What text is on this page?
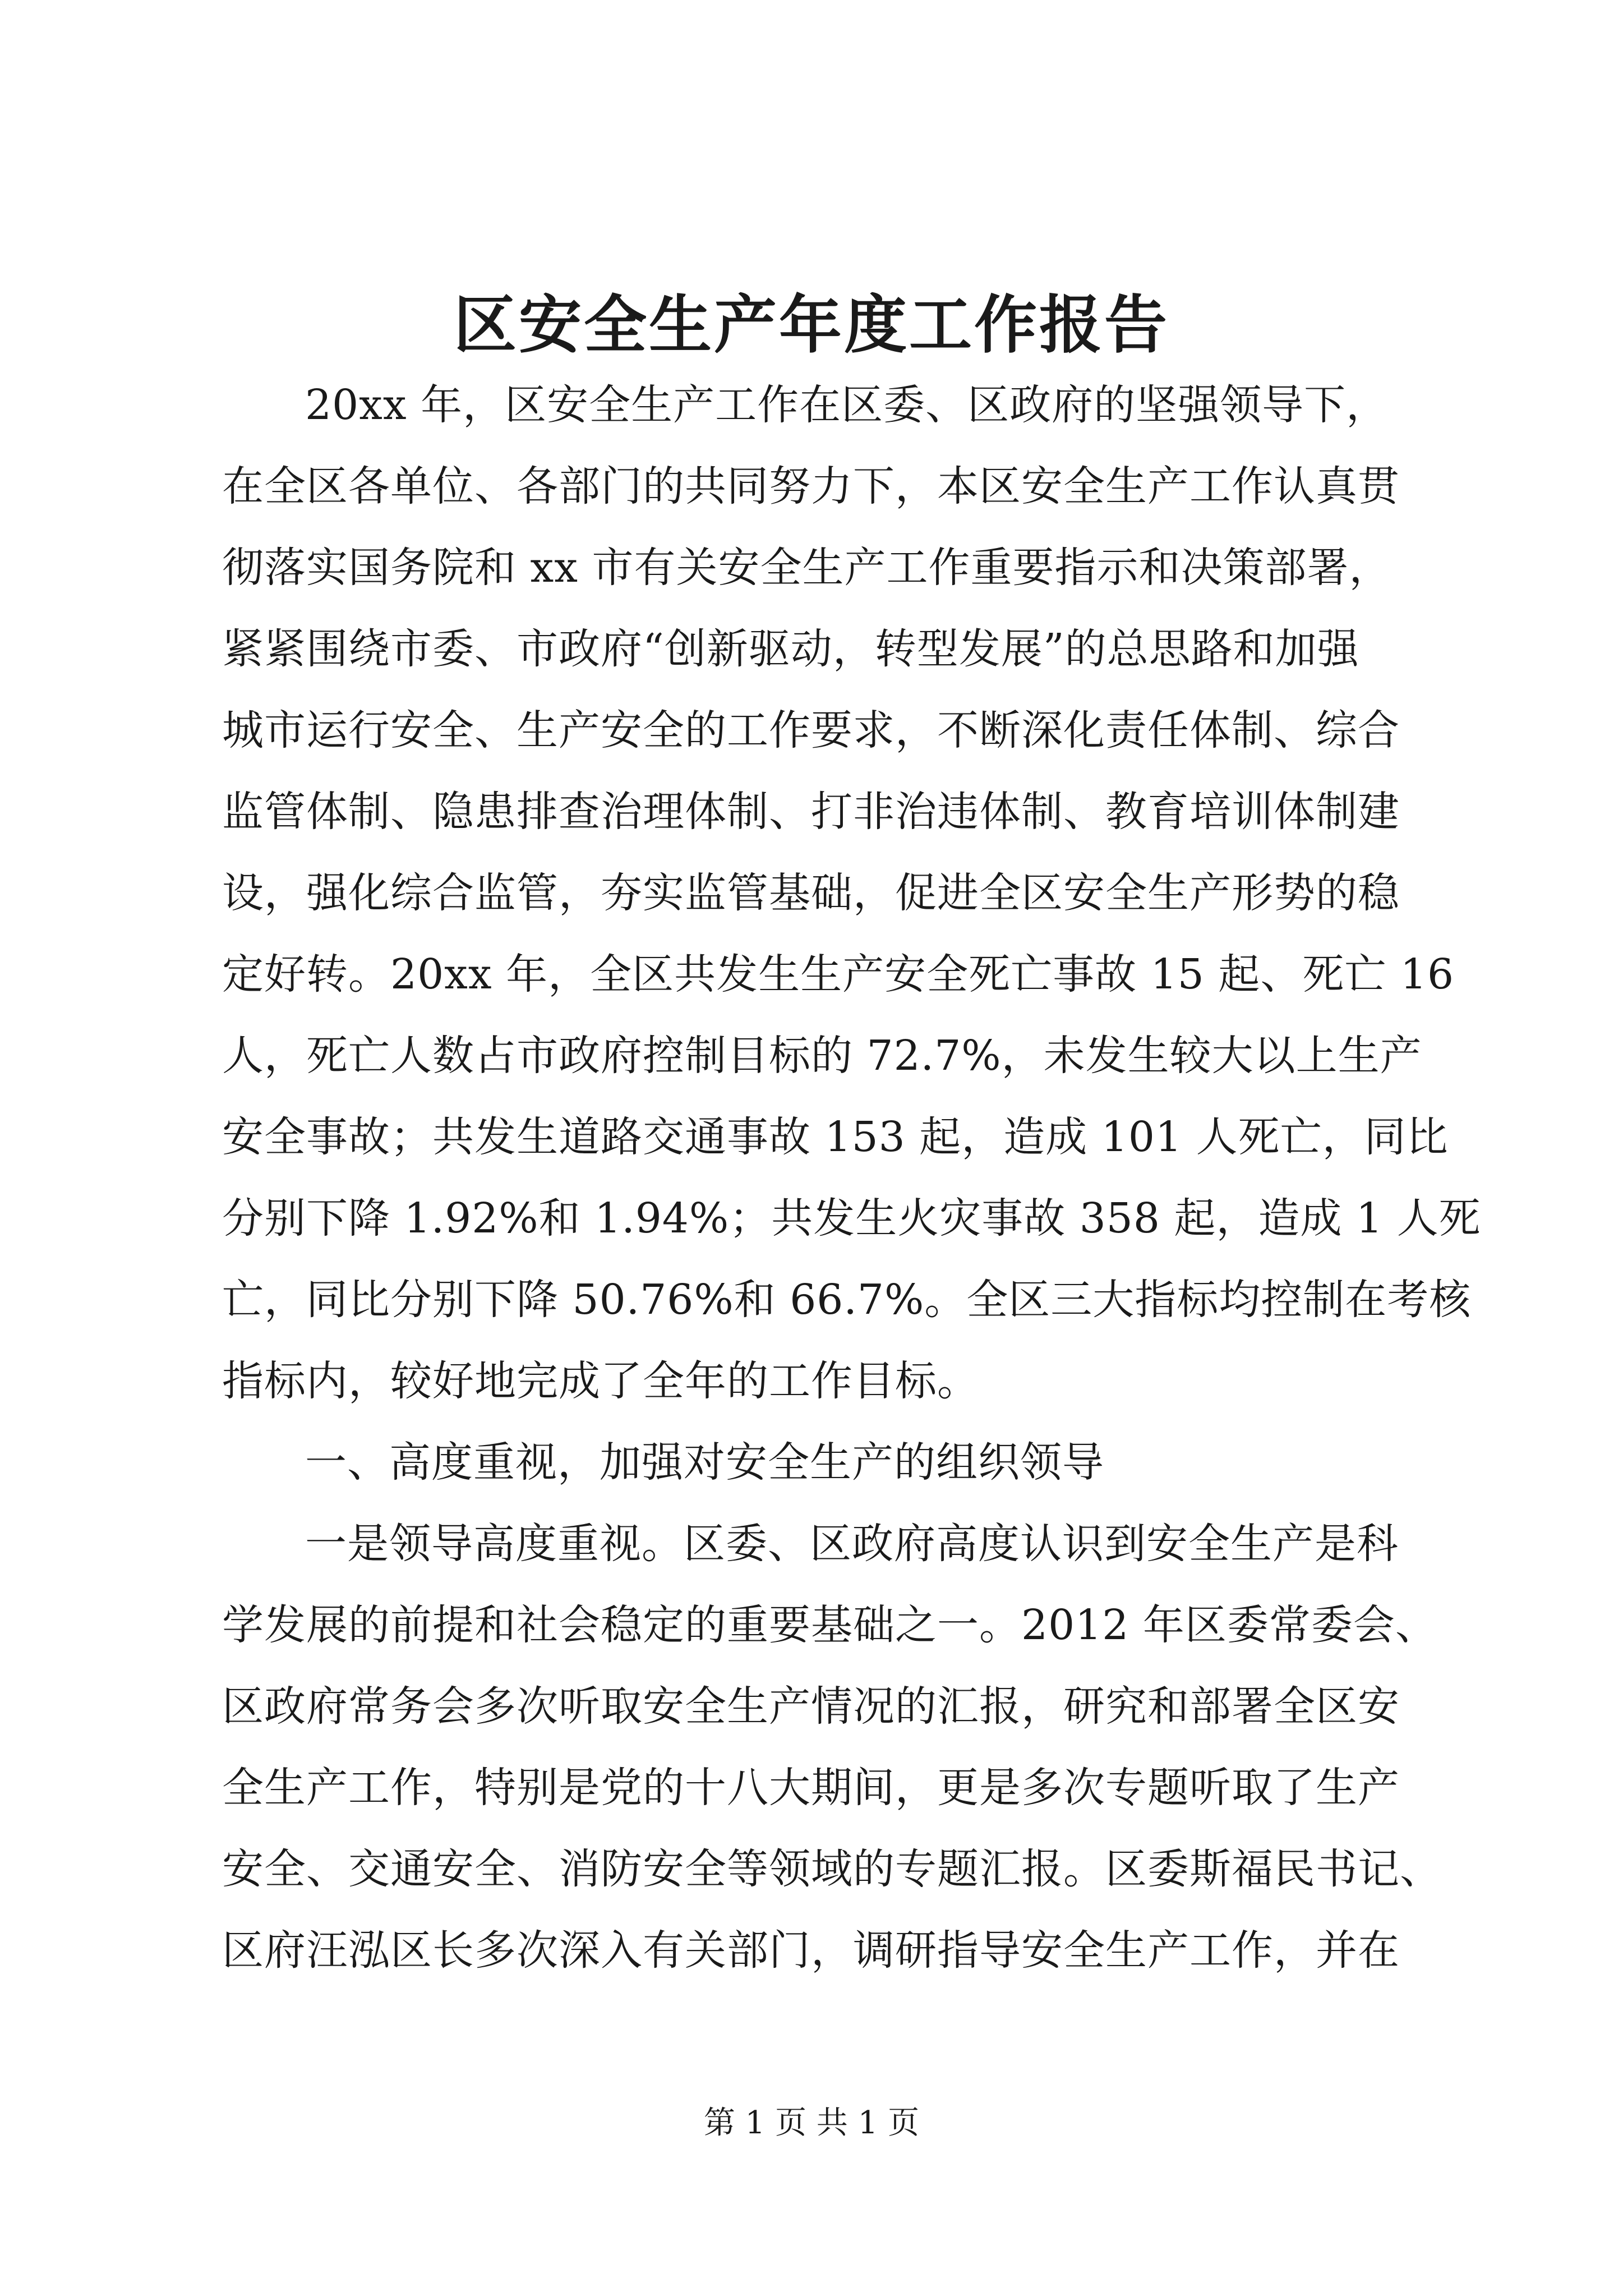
区安全生产年度工作报告
20xx 年，区安全生产工作在区委、区政府的坚强领导下，
在全区各单位、各部门的共同努力下，本区安全生产工作认真贯
彻落实国务院和 xx 市有关安全生产工作重要指示和决策部署，
紧紧围绕市委、市政府“创新驱动，转型发展”的总思路和加强
城市运行安全、生产安全的工作要求，不断深化责任体制、综合
监管体制、隐患排查治理体制、打非治违体制、教育培训体制建
设，强化综合监管，夯实监管基础，促进全区安全生产形势的稳
定好转。20xx 年，全区共发生生产安全死亡事故 15 起、死亡 16
人，死亡人数占市政府控制目标的 72.7%，未发生较大以上生产
安全事故；共发生道路交通事故 153 起，造成 101 人死亡，同比
分别下降 1.92%和 1.94%；共发生火灾事故 358 起，造成 1 人死
亡，同比分别下降 50.76%和 66.7%。全区三大指标均控制在考核
指标内，较好地完成了全年的工作目标。
一、高度重视，加强对安全生产的组织领导
一是领导高度重视。区委、区政府高度认识到安全生产是科
学发展的前提和社会稳定的重要基础之一。2012 年区委常委会、
区政府常务会多次听取安全生产情况的汇报，研究和部署全区安
全生产工作，特别是党的十八大期间，更是多次专题听取了生产
安全、交通安全、消防安全等领域的专题汇报。区委斯福民书记、
区府汪泓区长多次深入有关部门，调研指导安全生产工作，并在
第 1 页 共 1 页
